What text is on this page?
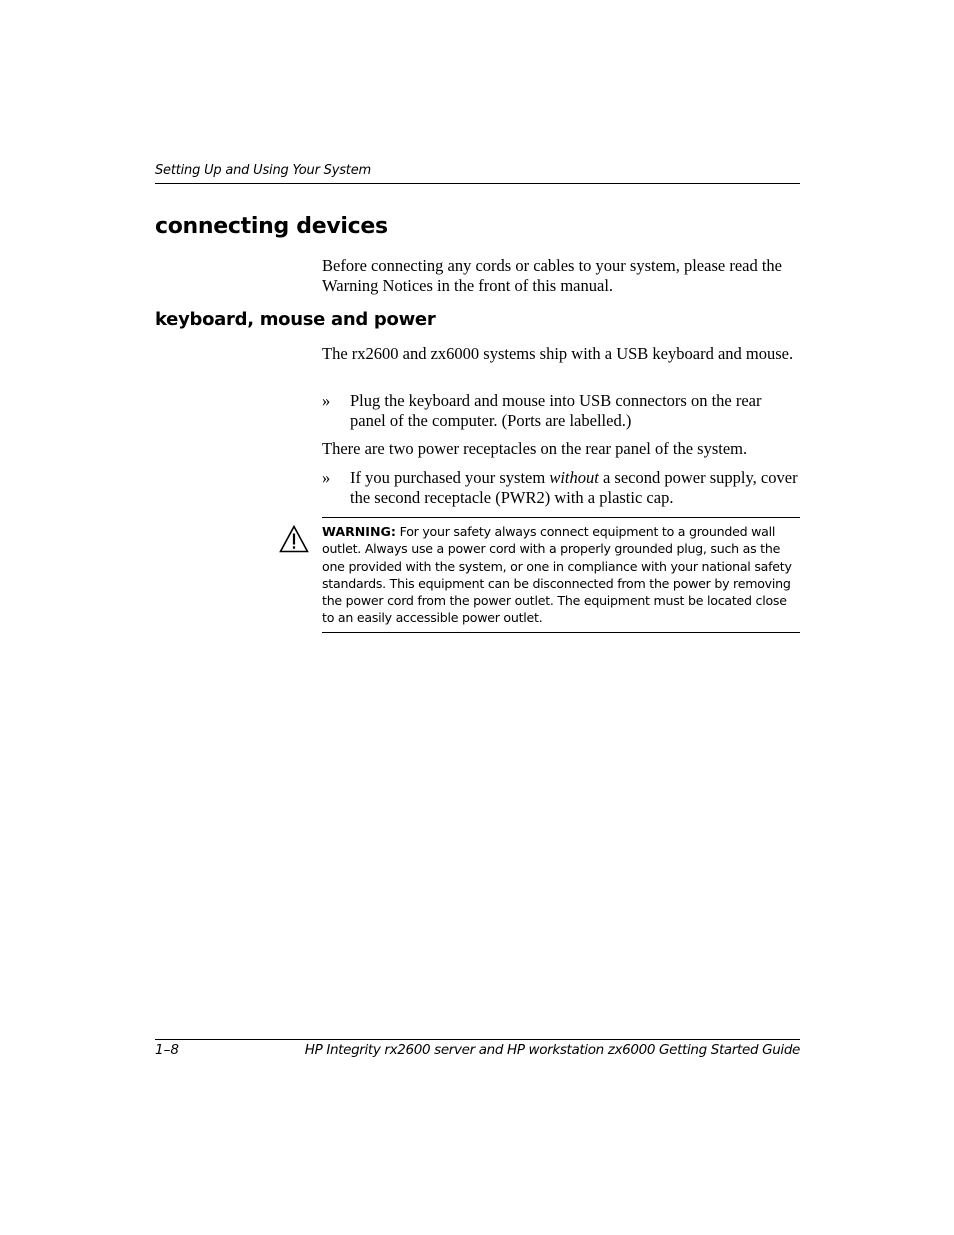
Setting Up and Using Your System
connecting devices
Before connecting any cords or cables to your system, please read the Warning Notices in the front of this manual.
keyboard, mouse and power
The rx2600 and zx6000 systems ship with a USB keyboard and mouse.
» Plug the keyboard and mouse into USB connectors on the rear panel of the computer. (Ports are labelled.)
There are two power receptacles on the rear panel of the system.
» If you purchased your system without a second power supply, cover the second receptacle (PWR2) with a plastic cap.
WARNING: For your safety always connect equipment to a grounded wall outlet. Always use a power cord with a properly grounded plug, such as the one provided with the system, or one in compliance with your national safety standards. This equipment can be disconnected from the power by removing the power cord from the power outlet. The equipment must be located close to an easily accessible power outlet.
1–8	HP Integrity rx2600 server and HP workstation zx6000 Getting Started Guide
